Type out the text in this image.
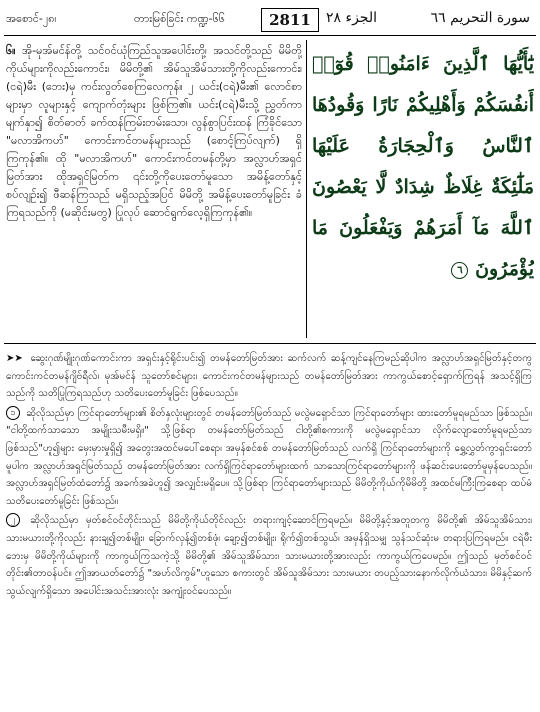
အစောင်-၂၈၊	တားမြစ်ခြင်း ကဏ္ဍ-၆၆	2811	الجزء ٢٨	سورة التحريم ٦٦
၆။ အို-မုအ်မင်န်တို့ သင်ဝင်ယုံကြည်သူအပေါင်းတို့၊ အသင်တို့သည် မိမိတို့ကိုယ်များကိုလည်းကောင်း၊ မိမိတို့၏ အိမ်သူအိမ်သားတို့ကိုလည်းကောင်း၊ (ငရဲ)မီး (ဘေး)မှ ကင်းလွတ်စေကြလေကုန်။ ၂ ယင်း(ငရဲ)မီး၏ လောင်စာများမှာ လူများနှင့် ကျောက်တုံးများ ဖြစ်ကြ၏။ ယင်း(ငရဲ)မီးသို့ ညွှတ်ကာမျက်နှာ၍ စိတ်ဓာတ် ခက်ထန်ကြမ်းတမ်းသော၊ လွန်စွာပြင်းထန် ကြံခိုင်သော "မလာအိကဟ်" ကောင်းကင်တမန်များသည် (စောင့်ကြပ်လျက်) ရှိကြကုန်၏။ ထို "မလာအိကဟ်" ကောင်းကင်တမန်တို့မှာ အလ္လာဟ်အရှင်မြတ်အား ထိုအရှင်မြတ်က ၎င်းတို့ကိုပေးတော်မူသော အမိန့်တော်နှင့်စပ်လျဉ်း၍ ဖီဆန်ကြသည် မရှိသည့်အပြင် မိမိတို့ အမိန့်ပေးတော်မူခြင်း ခံကြရသည်ကို (မဆိုင်းမတွ) ပြုလုပ် ဆောင်ရွက်လေ့ရှိကြကုန်၏။
يَٰٓأَيُّهَا ٱلَّذِينَ ءَامَنُوا۟ قُوٓا۟ أَنفُسَكُمْ وَأَهْلِيكُمْ نَارًا وَقُودُهَا ٱلنَّاسُ وَٱلْحِجَارَةُ عَلَيْهَا مَلَٰٓئِكَةٌ غِلَاظٌ شِدَادٌ لَّا يَعْصُونَ ٱللَّهَ مَآ أَمَرَهُمْ وَيَفْعَلُونَ مَا يُؤْمَرُونَ ٦

➤➤ ဆွေးဂုဏ်မျိုးဂုဏ်ကောင်းကာ အရှင်းနှင့်ရိုင်းပင်း၍ တမန်တော်မြတ်အား ဆက်လက် ဆန့်ကျင်နေကြမည်ဆိုပါက အလ္လာဟ်အရှင်မြတ်နှင့်တကွ ကောင်းကင်တမန်ဂျိဗ်ရီလ်၊ မုအ်မင်န် သူတော်စင်များ၊ ကောင်းကင်တမန်များသည် တမန်တော်မြတ်အား ကာကွယ်စောင့်ရှောက်ကြရန် အသင့်ရှိကြသည်ကို သတိပြုကြရသည်ဟု သတိပေးတော်မူခြင်း ဖြစ်ပေသည်။

၁ ဆိုလိုသည်မှာ ကြင်ရာတော်များ၏ စိတ်နှလုံးများတွင် တမန်တော်မြတ်သည် မလွဲမရှောင်သာ ကြင်ရာတော်များ ထားတော်မူရမည်သာ ဖြစ်သည်။ "ငါတို့ထက်သာသော အမျိုးသမီးမရှိ။" သို့ဖြစ်ရာ တမန်တော်မြတ်သည် ငါတို့၏စကားကို မလွဲမရှောင်သာ လိုက်လျောတော်မူရမည်သာဖြစ်သည်"ဟူ၍များ မှေးမှားမှုရှိ၍ အတွေးအထင်မပေါ်စေရာ၊ အမှန်စင်စစ် တမန်တော်မြတ်သည် လက်ရှိ ကြင်ရာတော်များကို ရွှေ့လွှတ်ကွာရှင်းတော်မူပါက အလ္လာဟ်အရှင်မြတ်သည် တမန်တော်မြတ်အား လက်ရှိကြင်ရာတော်များထက် သာသောကြင်ရာတော်များကို ဖန်ဆင်းပေးတော်မူမှန်ပေသည်။ အလ္လာဟ်အရှင်မြတ်ထံတော်၌ အခက်အခဲဟူ၍ အလျှင်းမရှိပေ။ သို့ဖြစ်ရာ ကြင်ရာတော်များသည် မိမိတို့ကိုယ်ကိုမိမိတို့ အထင်မကြီးကြစေရာ ထပ်မံ သတိပေးတော်မူခြင်း ဖြစ်သည်။

၂ ဆိုလိုသည်မှာ မှတ်စင်ဝင်တိုင်းသည် မိမိတို့ကိုယ်တိုင်လည်း တရားကျင့်ဆောင်ကြရမည်။ မိမိတို့နှင့်အတူတကွ မိမိတို့၏ အိမ်သူအိမ်သား၊ သားမယားတို့ကိုလည်း နားချ၍တစ်မျိုး၊ ခြောက်လှန့်၍တစ်ဖုံ၊ ချော့၍တစ်မျိုး၊ ရိုက်၍တစ်သွယ်၊ အမှန်ရှိသမျှ သွန်သင်ဆုံးမ တရားပြကြရမည်။ ငရဲမီးဘေးမှ မိမိတို့ကိုယ်များကို ကာကွယ်ကြသကဲ့သို့ မိမိတို့၏ အိမ်သူအိမ်သား၊ သားမယားတို့အားလည်း ကာကွယ်ကြပေမည်။ ဤသည် မှတ်စင်ဝင်တိုင်း၏တာဝန်ပင်။ ဤအာယတ်တော်၌ "အဟ်လိကွမ်"ဟူသော စကားတွင် အိမ်သူအိမ်သား သားမယား တပည့်သားနောက်လိုက်ယံသား၊ မိမိနှင့်ဆက်သွယ်လျက်ရှိသော အပေါင်းအသင်းအားလုံး အကျုံးဝင်ပေသည်။
